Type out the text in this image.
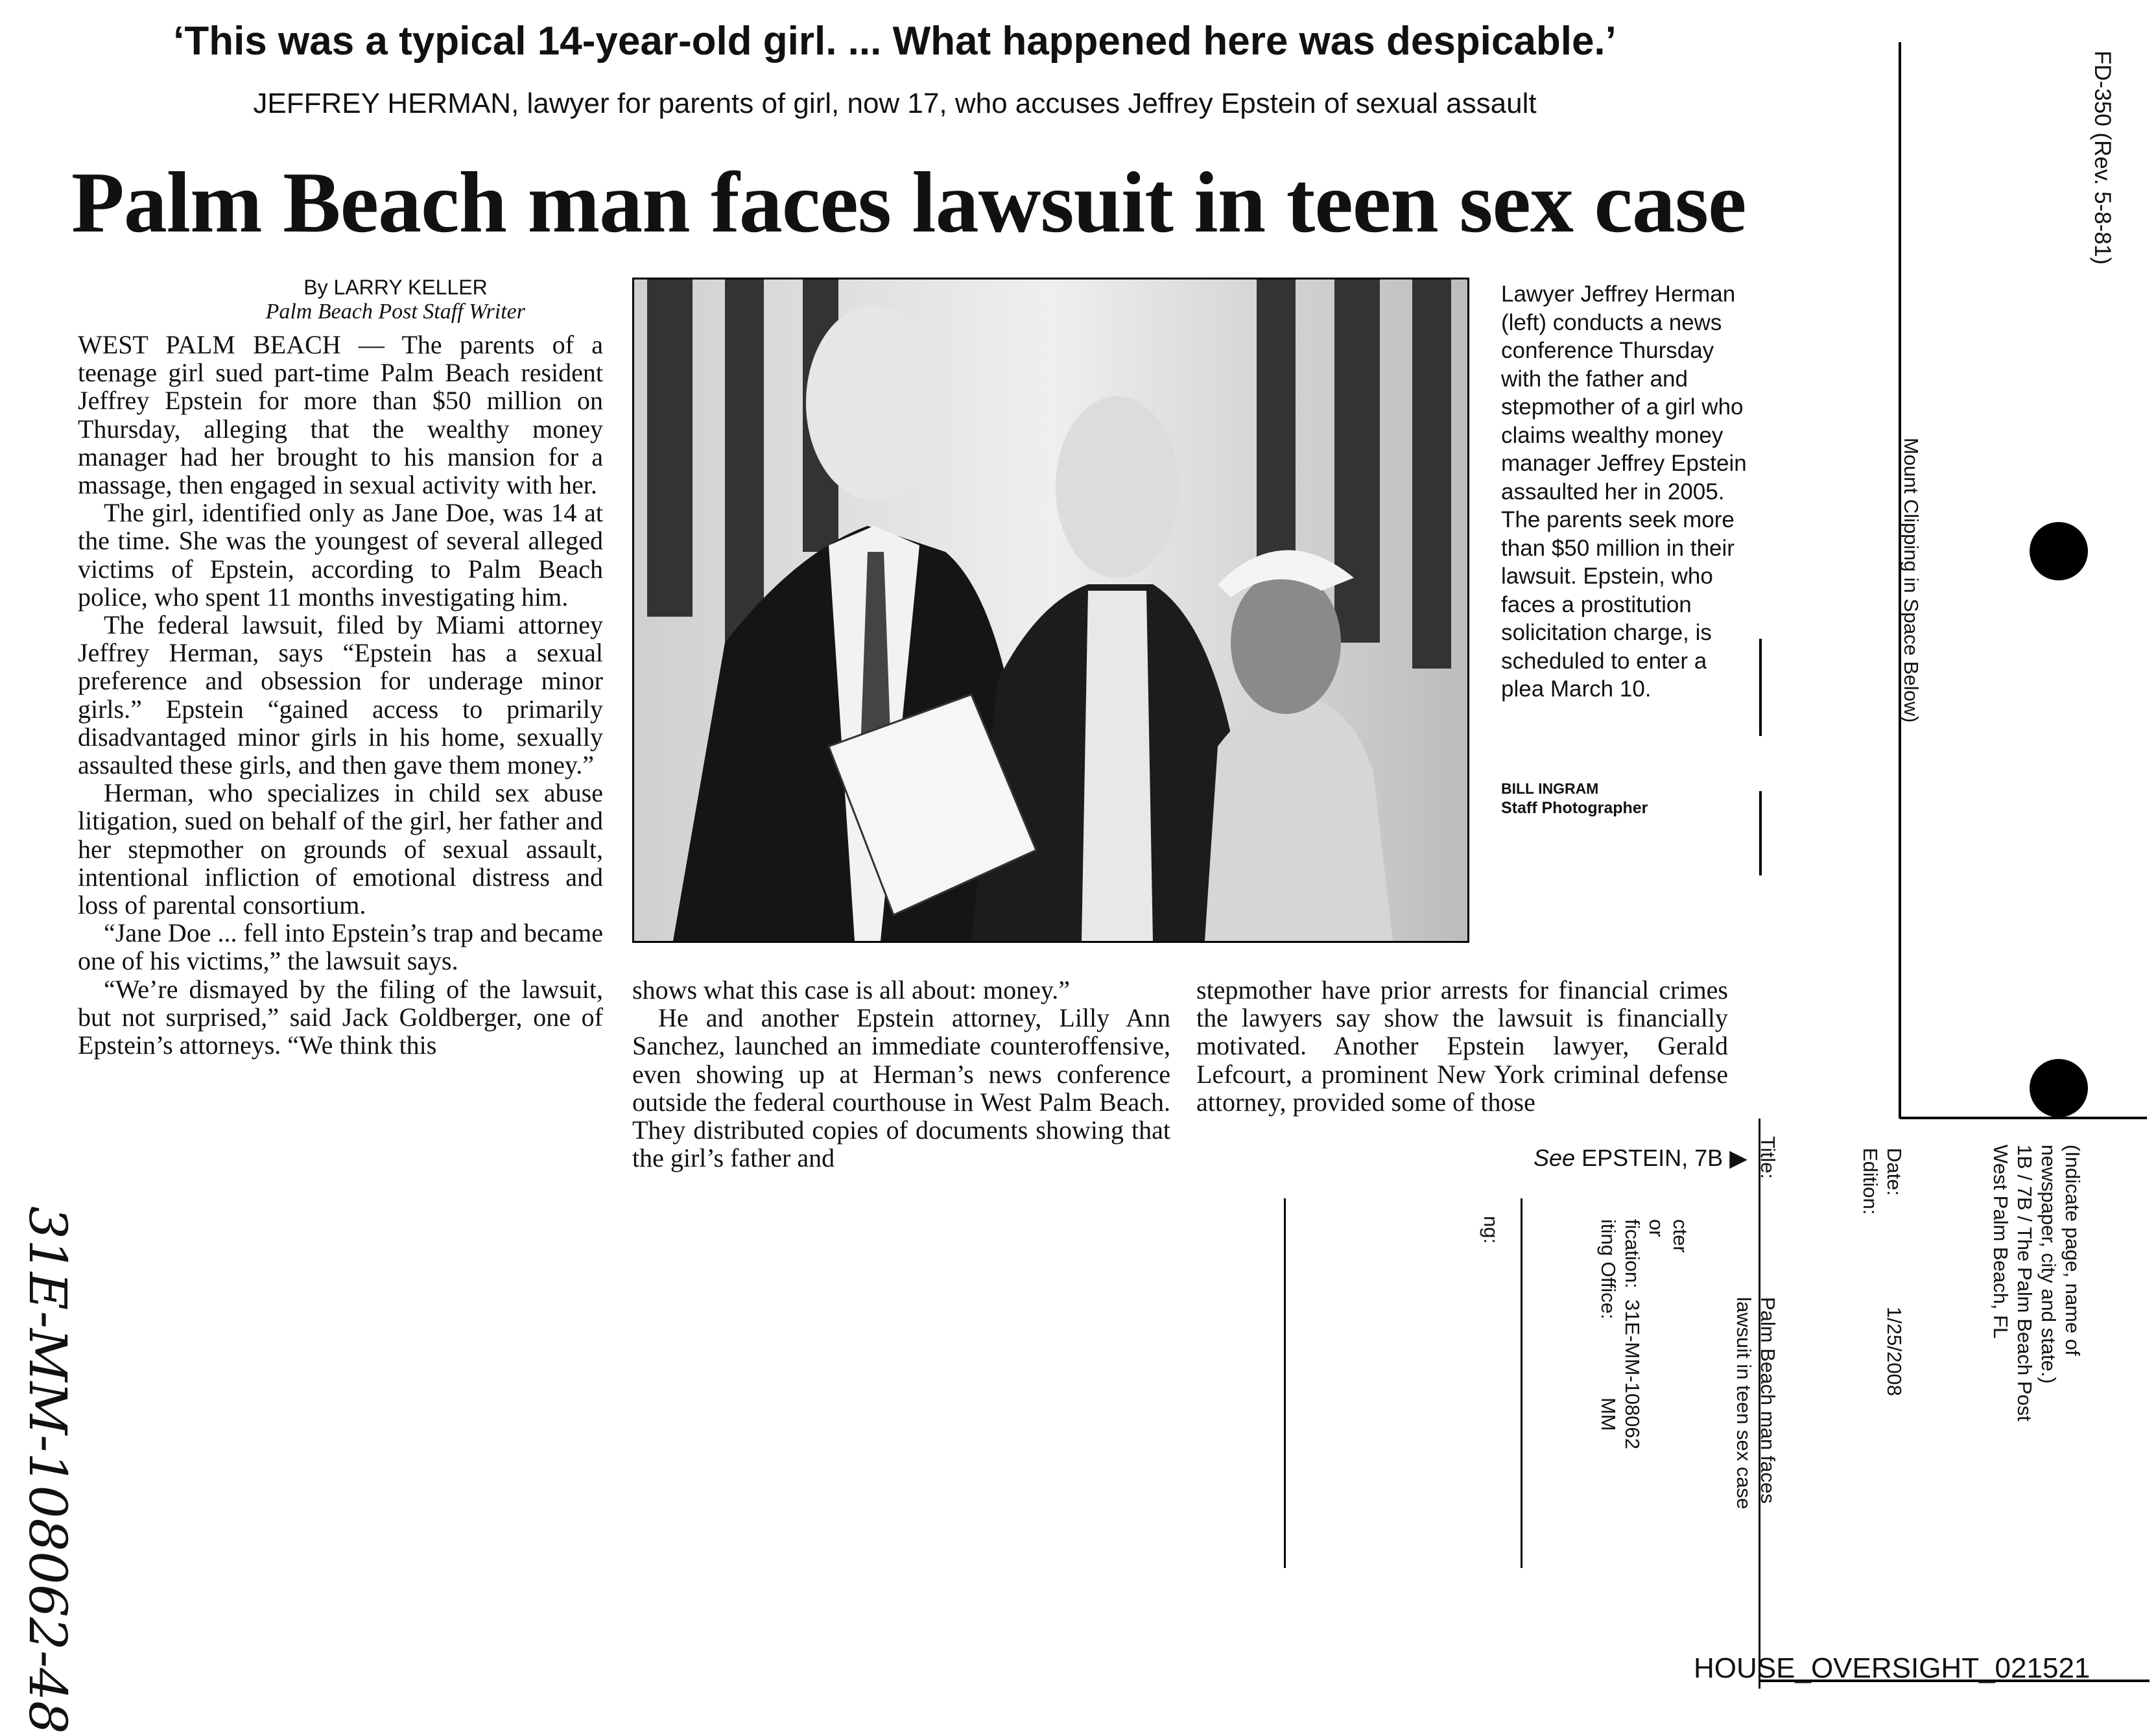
‘This was a typical 14-year-old girl. ... What happened here was despicable.’
JEFFREY HERMAN, lawyer for parents of girl, now 17, who accuses Jeffrey Epstein of sexual assault
Palm Beach man faces lawsuit in teen sex case
By LARRY KELLER
Palm Beach Post Staff Writer

WEST PALM BEACH — The parents of a teenage girl sued part-time Palm Beach resident Jeffrey Epstein for more than $50 million on Thursday, alleging that the wealthy money manager had her brought to his mansion for a massage, then engaged in sexual activity with her.

The girl, identified only as Jane Doe, was 14 at the time. She was the youngest of several alleged victims of Epstein, according to Palm Beach police, who spent 11 months investigating him.

The federal lawsuit, filed by Miami attorney Jeffrey Herman, says “Epstein has a sexual preference and obsession for underage minor girls.” Epstein “gained access to primarily disadvantaged minor girls in his home, sexually assaulted these girls, and then gave them money.”

Herman, who specializes in child sex abuse litigation, sued on behalf of the girl, her father and her stepmother on grounds of sexual assault, intentional infliction of emotional distress and loss of parental consortium.

“Jane Doe ... fell into Epstein’s trap and became one of his victims,” the lawsuit says.

“We’re dismayed by the filing of the lawsuit, but not surprised,” said Jack Goldberger, one of Epstein’s attorneys. “We think this

Lawyer Jeffrey Herman (left) conducts a news conference Thursday with the father and stepmother of a girl who claims wealthy money manager Jeffrey Epstein assaulted her in 2005. The parents seek more than $50 million in their lawsuit. Epstein, who faces a prostitution solicitation charge, is scheduled to enter a plea March 10.
BILL INGRAM
Staff Photographer

shows what this case is all about: money.”

He and another Epstein attorney, Lilly Ann Sanchez, launched an immediate counteroffensive, even showing up at Herman’s news conference outside the federal courthouse in West Palm Beach. They distributed copies of documents showing that the girl’s father and

stepmother have prior arrests for financial crimes the lawyers say show the lawsuit is financially motivated. Another Epstein lawyer, Gerald Lefcourt, a prominent New York criminal defense attorney, provided some of those

See EPSTEIN, 7B ▶
FD-350 (Rev. 5-8-81)
Mount Clipping in Space Below)
(Indicate page, name of
newspaper, city and state.)
1B / 7B / The Palm Beach Post
West Palm Beach, FL
Date:
1/25/2008
Edition:
Title:
Palm Beach man faces
lawsuit in teen sex case
cter
or
fication:  31E-MM-108062
iting Office:              MM
ng:
31E-MM-108062-48	HOUSE_OVERSIGHT_021521
